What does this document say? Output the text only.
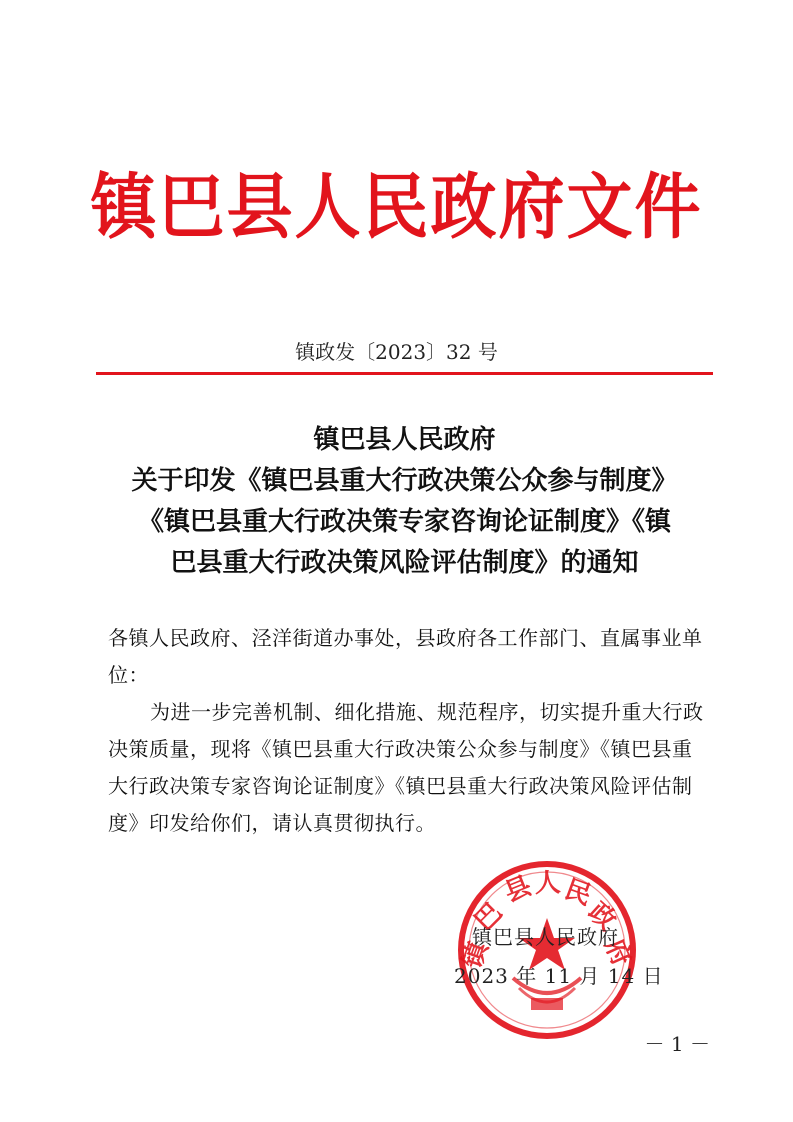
镇巴县人民政府文件
镇政发〔2023〕32 号
镇巴县人民政府
关于印发《镇巴县重大行政决策公众参与制度》
《镇巴县重大行政决策专家咨询论证制度》《镇
巴县重大行政决策风险评估制度》的通知
各镇人民政府、泾洋街道办事处，县政府各工作部门、直属事业单位：
为进一步完善机制、细化措施、规范程序，切实提升重大行政决策质量，现将《镇巴县重大行政决策公众参与制度》《镇巴县重大行政决策专家咨询论证制度》《镇巴县重大行政决策风险评估制度》印发给你们，请认真贯彻执行。
镇
巴
县
人 民
政
府
镇巴县人民政府
2023 年 11 月 14 日
－ 1 －
